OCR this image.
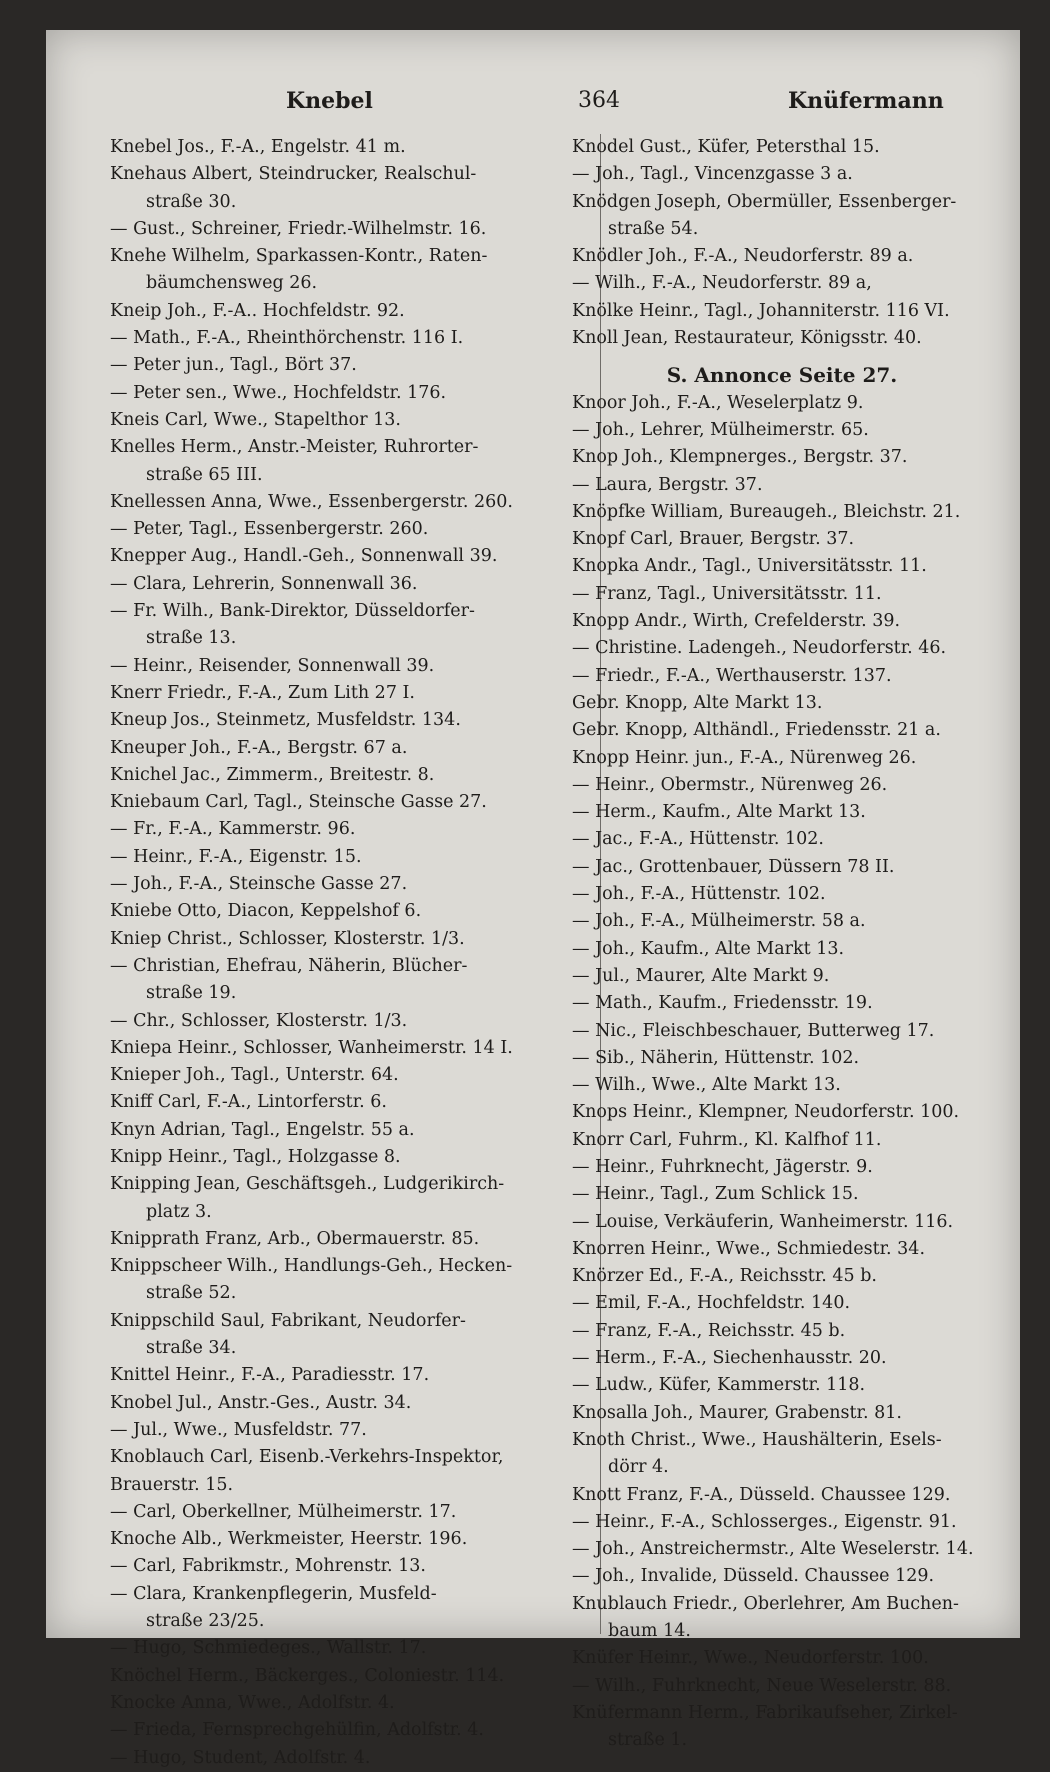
Knebel	364	Knüfermann
Knebel Jos., F.-A., Engelstr. 41 m.
Knehaus Albert, Steindrucker, Realschul-
straße 30.
— Gust., Schreiner, Friedr.-Wilhelmstr. 16.
Knehe Wilhelm, Sparkassen-Kontr., Raten-
bäumchensweg 26.
Kneip Joh., F.-A.. Hochfeldstr. 92.
— Math., F.-A., Rheinthörchenstr. 116 I.
— Peter jun., Tagl., Bört 37.
— Peter sen., Wwe., Hochfeldstr. 176.
Kneis Carl, Wwe., Stapelthor 13.
Knelles Herm., Anstr.-Meister, Ruhrorter-
straße 65 III.
Knellessen Anna, Wwe., Essenbergerstr. 260.
— Peter, Tagl., Essenbergerstr. 260.
Knepper Aug., Handl.-Geh., Sonnenwall 39.
— Clara, Lehrerin, Sonnenwall 36.
— Fr. Wilh., Bank-Direktor, Düsseldorfer-
straße 13.
— Heinr., Reisender, Sonnenwall 39.
Knerr Friedr., F.-A., Zum Lith 27 I.
Kneup Jos., Steinmetz, Musfeldstr. 134.
Kneuper Joh., F.-A., Bergstr. 67 a.
Knichel Jac., Zimmerm., Breitestr. 8.
Kniebaum Carl, Tagl., Steinsche Gasse 27.
— Fr., F.-A., Kammerstr. 96.
— Heinr., F.-A., Eigenstr. 15.
— Joh., F.-A., Steinsche Gasse 27.
Kniebe Otto, Diacon, Keppelshof 6.
Kniep Christ., Schlosser, Klosterstr. 1/3.
— Christian, Ehefrau, Näherin, Blücher-
straße 19.
— Chr., Schlosser, Klosterstr. 1/3.
Kniepa Heinr., Schlosser, Wanheimerstr. 14 I.
Knieper Joh., Tagl., Unterstr. 64.
Kniff Carl, F.-A., Lintorferstr. 6.
Knyn Adrian, Tagl., Engelstr. 55 a.
Knipp Heinr., Tagl., Holzgasse 8.
Knipping Jean, Geschäftsgeh., Ludgerikirch-
platz 3.
Knipprath Franz, Arb., Obermauerstr. 85.
Knippscheer Wilh., Handlungs-Geh., Hecken-
straße 52.
Knippschild Saul, Fabrikant, Neudorfer-
straße 34.
Knittel Heinr., F.-A., Paradiesstr. 17.
Knobel Jul., Anstr.-Ges., Austr. 34.
— Jul., Wwe., Musfeldstr. 77.
Knoblauch Carl, Eisenb.-Verkehrs-Inspektor,
Brauerstr. 15.
— Carl, Oberkellner, Mülheimerstr. 17.
Knoche Alb., Werkmeister, Heerstr. 196.
— Carl, Fabrikmstr., Mohrenstr. 13.
— Clara, Krankenpflegerin, Musfeld-
straße 23/25.
— Hugo, Schmiedeges., Wallstr. 17.
Knöchel Herm., Bäckerges., Coloniestr. 114.
Knocke Anna, Wwe., Adolfstr. 4.
— Frieda, Fernsprechgehülfin, Adolfstr. 4.
— Hugo, Student, Adolfstr. 4.
Knodel Gust., Küfer, Petersthal 15.
— Joh., Tagl., Vincenzgasse 3 a.
Knödgen Joseph, Obermüller, Essenberger-
straße 54.
Knödler Joh., F.-A., Neudorferstr. 89 a.
— Wilh., F.-A., Neudorferstr. 89 a,
Knölke Heinr., Tagl., Johanniterstr. 116 VI.
Knoll Jean, Restaurateur, Königsstr. 40.
S. Annonce Seite 27.
Knoor Joh., F.-A., Weselerplatz 9.
— Joh., Lehrer, Mülheimerstr. 65.
Knop Joh., Klempnerges., Bergstr. 37.
— Laura, Bergstr. 37.
Knöpfke William, Bureaugeh., Bleichstr. 21.
Knopf Carl, Brauer, Bergstr. 37.
Knopka Andr., Tagl., Universitätsstr. 11.
— Franz, Tagl., Universitätsstr. 11.
Knopp Andr., Wirth, Crefelderstr. 39.
— Christine. Ladengeh., Neudorferstr. 46.
— Friedr., F.-A., Werthauserstr. 137.
Gebr. Knopp, Alte Markt 13.
Gebr. Knopp, Althändl., Friedensstr. 21 a.
Knopp Heinr. jun., F.-A., Nürenweg 26.
— Heinr., Obermstr., Nürenweg 26.
— Herm., Kaufm., Alte Markt 13.
— Jac., F.-A., Hüttenstr. 102.
— Jac., Grottenbauer, Düssern 78 II.
— Joh., F.-A., Hüttenstr. 102.
— Joh., F.-A., Mülheimerstr. 58 a.
— Joh., Kaufm., Alte Markt 13.
— Jul., Maurer, Alte Markt 9.
— Math., Kaufm., Friedensstr. 19.
— Nic., Fleischbeschauer, Butterweg 17.
— Sib., Näherin, Hüttenstr. 102.
— Wilh., Wwe., Alte Markt 13.
Knops Heinr., Klempner, Neudorferstr. 100.
Knorr Carl, Fuhrm., Kl. Kalfhof 11.
— Heinr., Fuhrknecht, Jägerstr. 9.
— Heinr., Tagl., Zum Schlick 15.
— Louise, Verkäuferin, Wanheimerstr. 116.
Knorren Heinr., Wwe., Schmiedestr. 34.
Knörzer Ed., F.-A., Reichsstr. 45 b.
— Emil, F.-A., Hochfeldstr. 140.
— Franz, F.-A., Reichsstr. 45 b.
— Herm., F.-A., Siechenhausstr. 20.
— Ludw., Küfer, Kammerstr. 118.
Knosalla Joh., Maurer, Grabenstr. 81.
Knoth Christ., Wwe., Haushälterin, Esels-
dörr 4.
Knott Franz, F.-A., Düsseld. Chaussee 129.
— Heinr., F.-A., Schlosserges., Eigenstr. 91.
— Joh., Anstreichermstr., Alte Weselerstr. 14.
— Joh., Invalide, Düsseld. Chaussee 129.
Knublauch Friedr., Oberlehrer, Am Buchen-
baum 14.
Knüfer Heinr., Wwe., Neudorferstr. 100.
— Wilh., Fuhrknecht, Neue Weselerstr. 88.
Knüfermann Herm., Fabrikaufseher, Zirkel-
straße 1.
